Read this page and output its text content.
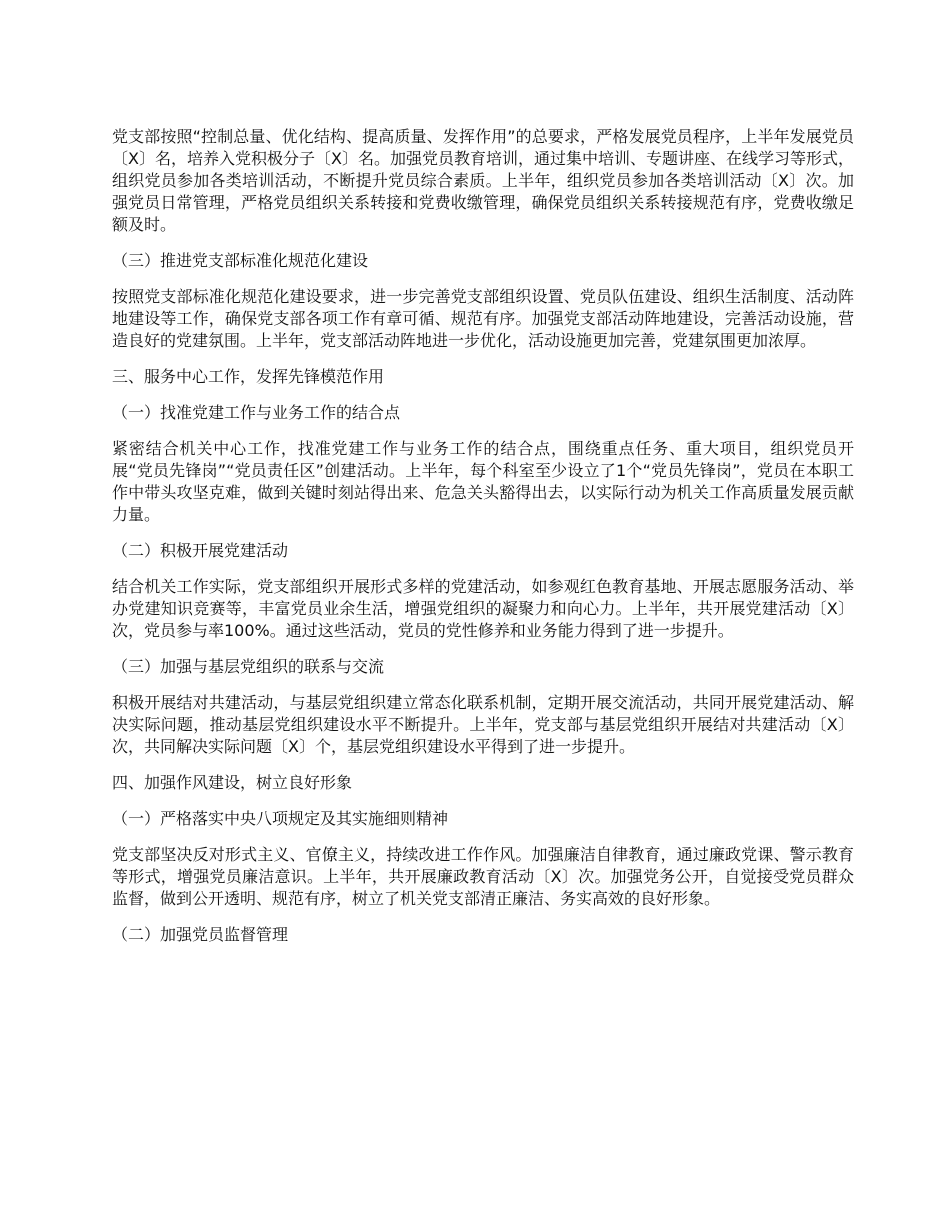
党支部按照“控制总量、优化结构、提高质量、发挥作用”的总要求，严格发展党员程序，上半年发展党员〔X〕名，培养入党积极分子〔X〕名。加强党员教育培训，通过集中培训、专题讲座、在线学习等形式，组织党员参加各类培训活动，不断提升党员综合素质。上半年，组织党员参加各类培训活动〔X〕次。加强党员日常管理，严格党员组织关系转接和党费收缴管理，确保党员组织关系转接规范有序，党费收缴足额及时。

（三）推进党支部标准化规范化建设

按照党支部标准化规范化建设要求，进一步完善党支部组织设置、党员队伍建设、组织生活制度、活动阵地建设等工作，确保党支部各项工作有章可循、规范有序。加强党支部活动阵地建设，完善活动设施，营造良好的党建氛围。上半年，党支部活动阵地进一步优化，活动设施更加完善，党建氛围更加浓厚。

三、服务中心工作，发挥先锋模范作用

（一）找准党建工作与业务工作的结合点

紧密结合机关中心工作，找准党建工作与业务工作的结合点，围绕重点任务、重大项目，组织党员开展“党员先锋岗”“党员责任区”创建活动。上半年，每个科室至少设立了1个“党员先锋岗”，党员在本职工作中带头攻坚克难，做到关键时刻站得出来、危急关头豁得出去，以实际行动为机关工作高质量发展贡献力量。

（二）积极开展党建活动

结合机关工作实际，党支部组织开展形式多样的党建活动，如参观红色教育基地、开展志愿服务活动、举办党建知识竞赛等，丰富党员业余生活，增强党组织的凝聚力和向心力。上半年，共开展党建活动〔X〕次，党员参与率100%。通过这些活动，党员的党性修养和业务能力得到了进一步提升。

（三）加强与基层党组织的联系与交流

积极开展结对共建活动，与基层党组织建立常态化联系机制，定期开展交流活动，共同开展党建活动、解决实际问题，推动基层党组织建设水平不断提升。上半年，党支部与基层党组织开展结对共建活动〔X〕次，共同解决实际问题〔X〕个，基层党组织建设水平得到了进一步提升。

四、加强作风建设，树立良好形象

（一）严格落实中央八项规定及其实施细则精神

党支部坚决反对形式主义、官僚主义，持续改进工作作风。加强廉洁自律教育，通过廉政党课、警示教育等形式，增强党员廉洁意识。上半年，共开展廉政教育活动〔X〕次。加强党务公开，自觉接受党员群众监督，做到公开透明、规范有序，树立了机关党支部清正廉洁、务实高效的良好形象。

（二）加强党员监督管理
